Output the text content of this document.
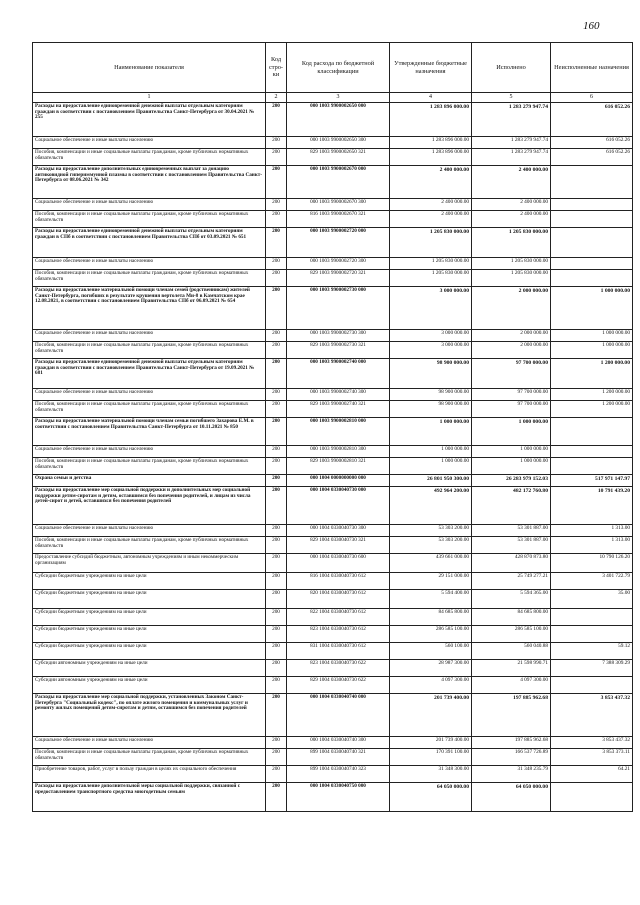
160
Наименование показателя	Код стро-ки	Код расхода по бюджетной классификации	Утвержденные бюджетные назначения	Исполнено	Неисполненные назначения
1	2	3	4	5	6
Расходы на предоставление единовременной денежной выплаты отдельным категориям граждан в соответствии с постановлением Правительства Санкт-Петербурга от 30.04.2021 № 255	200	000 1003 9900002650 000	1 283 896 000.00	1 283 279 947.74	616 052.26
Социальное обеспечение и иные выплаты населению	200	000 1003 9900002650 300	1 283 896 000.00	1 283 279 947.74	616 052.26
Пособия, компенсации и иные социальные выплаты гражданам, кроме публичных нормативных обязательств	200	829 1003 9900002650 321	1 283 896 000.00	1 283 279 947.74	616 052.26
Расходы на предоставление дополнительных единовременных выплат за донацию антиковидной гипериммунной плазмы в соответствии с постановлением Правительства Санкт-Петербурга от 08.06.2021 № 342	200	000 1003 9900002670 000	2 400 000.00	2 400 000.00	
Социальное обеспечение и иные выплаты населению	200	000 1003 9900002670 300	2 400 000.00	2 400 000.00	
Пособия, компенсации и иные социальные выплаты гражданам, кроме публичных нормативных обязательств	200	816 1003 9900002670 321	2 400 000.00	2 400 000.00	
Расходы на предоставление единовременной денежной выплаты отдельным категориям граждан в СПб в соответствии с постановлением Правительства СПб от 03.09.2021 № 651	200	000 1003 9900002720 000	1 205 830 000.00	1 205 830 000.00	
Социальное обеспечение и иные выплаты населению	200	000 1003 9900002720 300	1 205 830 000.00	1 205 830 000.00	
Пособия, компенсации и иные социальные выплаты гражданам, кроме публичных нормативных обязательств	200	829 1003 9900002720 321	1 205 830 000.00	1 205 830 000.00	
Расходы на предоставление материальной помощи членам семей (родственникам) жителей Санкт-Петербурга, погибших в результате крушения вертолета Ми-8 в Камчатском крае 12.08.2021, в соответствии с постановлением Правительства СПб от 06.09.2021 № 654	200	000 1003 9900002730 000	3 000 000.00	2 000 000.00	1 000 000.00
Социальное обеспечение и иные выплаты населению	200	000 1003 9900002730 300	3 000 000.00	2 000 000.00	1 000 000.00
Пособия, компенсации и иные социальные выплаты гражданам, кроме публичных нормативных обязательств	200	829 1003 9900002730 321	3 000 000.00	2 000 000.00	1 000 000.00
Расходы на предоставление единовременной денежной выплаты отдельным категориям граждан в соответствии с постановлением Правительства Санкт-Петербурга от 19.09.2021 № 681	200	000 1003 9900002740 000	98 900 000.00	97 700 000.00	1 200 000.00
Социальное обеспечение и иные выплаты населению	200	000 1003 9900002740 300	98 900 000.00	97 700 000.00	1 200 000.00
Пособия, компенсации и иные социальные выплаты гражданам, кроме публичных нормативных обязательств	200	829 1003 9900002740 321	98 900 000.00	97 700 000.00	1 200 000.00
Расходы на предоставление материальной помощи членам семьи погибшего Захарова Е.М. в соответствии с постановлением Правительства Санкт-Петербурга от 10.11.2021 № 850	200	000 1003 9900002810 000	1 000 000.00	1 000 000.00	
Социальное обеспечение и иные выплаты населению	200	000 1003 9900002810 300	1 000 000.00	1 000 000.00	
Пособия, компенсации и иные социальные выплаты гражданам, кроме публичных нормативных обязательств	200	829 1003 9900002810 321	1 000 000.00	1 000 000.00	
Охрана семьи и детства	200	000 1004 0000000000 000	26 801 950 300.00	26 283 979 152.03	517 971 147.97
Расходы на предоставление мер социальной поддержки и дополнительных мер социальной поддержки детям-сиротам и детям, оставшимся без попечения родителей, и лицам из числа детей-сирот и детей, оставшихся без попечения родителей	200	000 1004 0330040730 000	492 964 200.00	482 172 760.80	10 791 439.20
Социальное обеспечение и иные выплаты населению	200	000 1004 0330040730 300	53 303 200.00	53 301 887.00	1 313.00
Пособия, компенсации и иные социальные выплаты гражданам, кроме публичных нормативных обязательств	200	829 1004 0330040730 321	53 303 200.00	53 301 887.00	1 313.00
Предоставление субсидий бюджетным, автономным учреждениям и иным некоммерческим организациям	200	000 1004 0330040730 600	439 661 000.00	428 870 873.80	10 790 126.20
Субсидии бюджетным учреждениям на иные цели	200	816 1004 0330040730 612	29 151 000.00	25 749 277.21	3 401 722.79
Субсидии бюджетным учреждениям на иные цели	200	820 1004 0330040730 612	5 594 400.00	5 594 365.00	35.00
Субсидии бюджетным учреждениям на иные цели	200	822 1004 0330040730 612	84 685 800.00	84 685 800.00	
Субсидии бюджетным учреждениям на иные цели	200	823 1004 0330040730 612	286 585 100.00	286 585 100.00	
Субсидии бюджетным учреждениям на иные цели	200	831 1004 0330040730 612	560 100.00	560 040.88	59.12
Субсидии автономным учреждениям на иные цели	200	823 1004 0330040730 622	28 987 300.00	21 598 990.71	7 388 309.29
Субсидии автономным учреждениям на иные цели	200	829 1004 0330040730 622	4 097 300.00	4 097 300.00	
Расходы на предоставление мер социальной поддержки, установленных Законом Санкт-Петербурга "Социальный кодекс", по оплате жилого помещения и коммунальных услуг и ремонту жилых помещений детям-сиротам и детям, оставшимся без попечения родителей	200	000 1004 0330040740 000	201 739 400.00	197 885 962.68	3 853 437.32
Социальное обеспечение и иные выплаты населению	200	000 1004 0330040740 300	201 739 400.00	197 885 962.68	3 853 437.32
Пособия, компенсации и иные социальные выплаты гражданам, кроме публичных нормативных обязательств	200	899 1004 0330040740 321	170 391 100.00	166 537 726.89	3 853 373.11
Приобретение товаров, работ, услуг в пользу граждан в целях их социального обеспечения	200	899 1004 0330040740 323	31 348 300.00	31 348 235.79	64.21
Расходы на предоставление дополнительной меры социальной поддержки, связанной с предоставлением транспортного средства многодетным семьям	200	000 1004 0330040750 000	64 050 000.00	64 050 000.00	
